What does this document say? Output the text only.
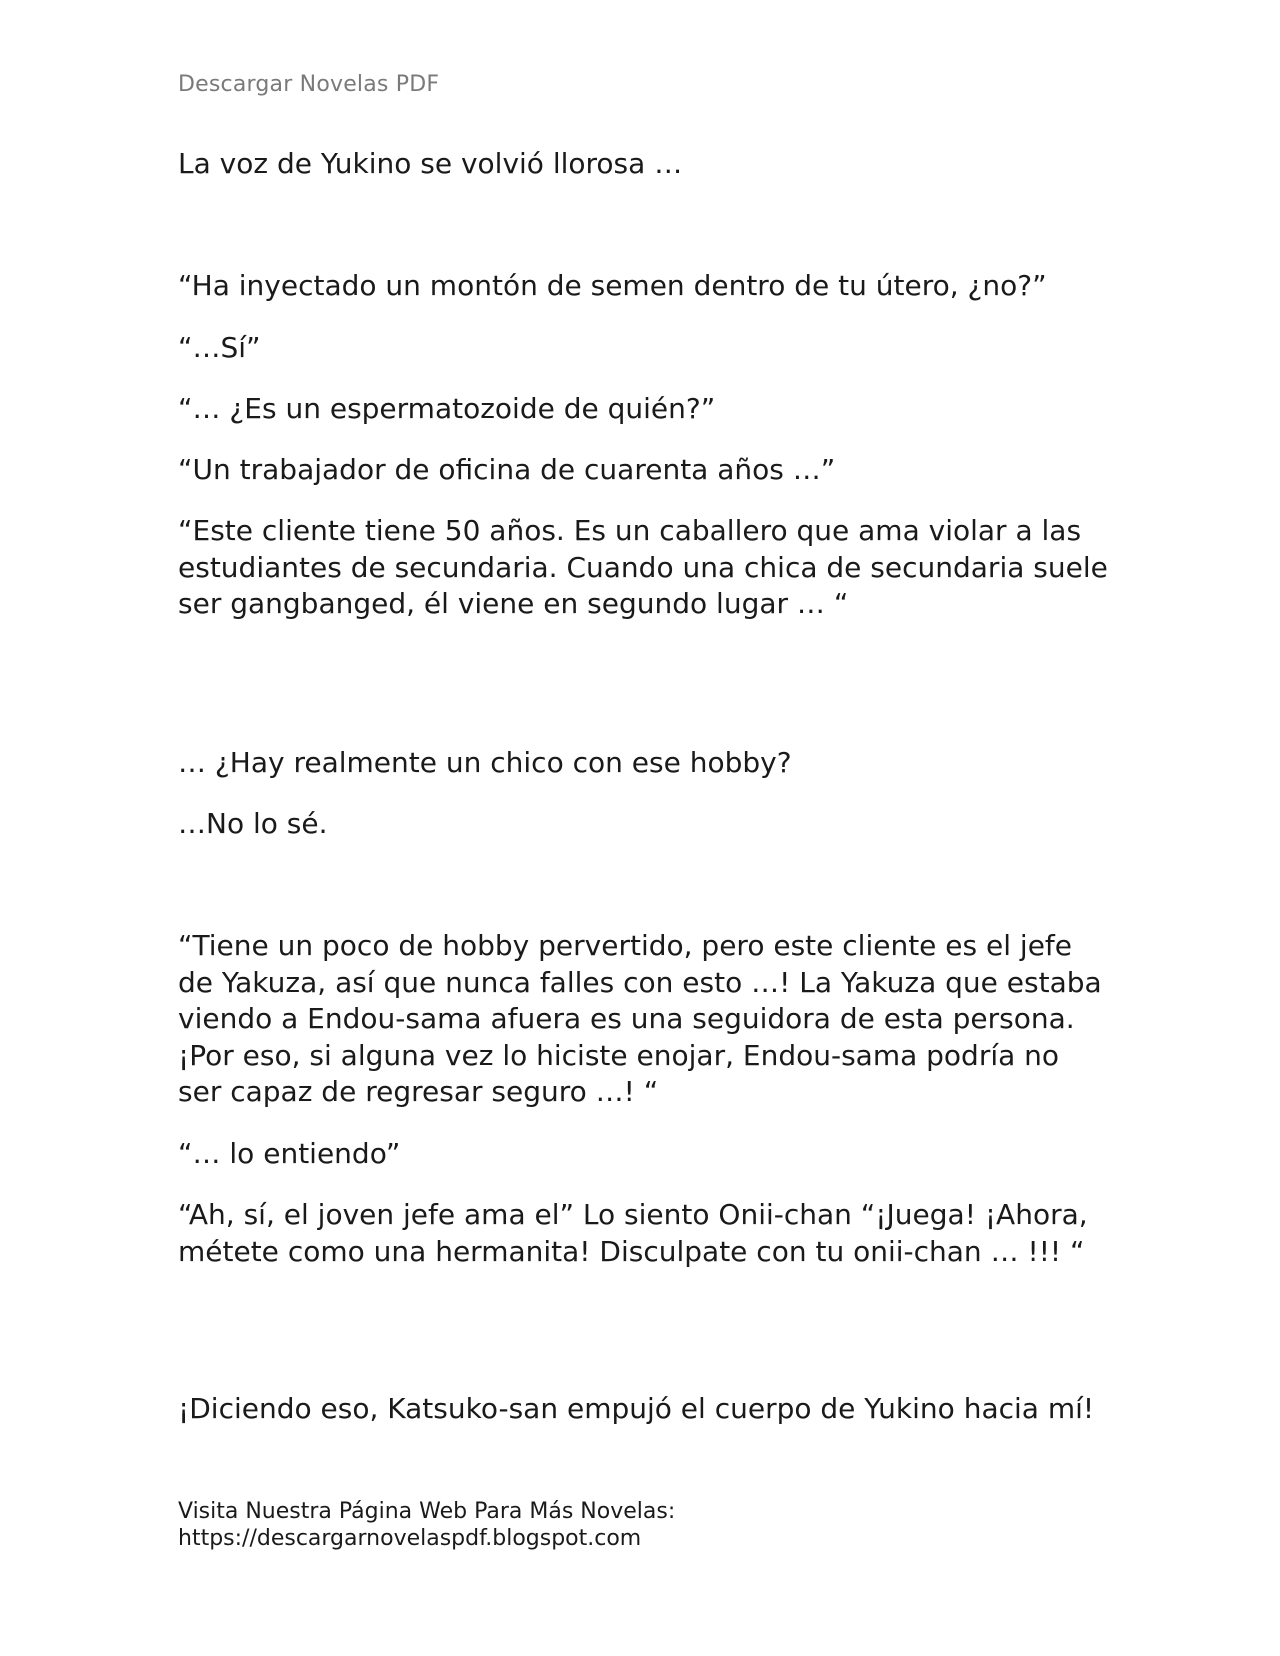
Descargar Novelas PDF

La voz de Yukino se volvió llorosa …

“Ha inyectado un montón de semen dentro de tu útero, ¿no?”

“…Sí”

“… ¿Es un espermatozoide de quién?”

“Un trabajador de oficina de cuarenta años …”

“Este cliente tiene 50 años. Es un caballero que ama violar a las estudiantes de secundaria. Cuando una chica de secundaria suele ser gangbanged, él viene en segundo lugar … “

… ¿Hay realmente un chico con ese hobby?

…No lo sé.

“Tiene un poco de hobby pervertido, pero este cliente es el jefe de Yakuza, así que nunca falles con esto …! La Yakuza que estaba viendo a Endou-sama afuera es una seguidora de esta persona. ¡Por eso, si alguna vez lo hiciste enojar, Endou-sama podría no ser capaz de regresar seguro …! “

“… lo entiendo”

“Ah, sí, el joven jefe ama el” Lo siento Onii-chan “¡Juega! ¡Ahora, métete como una hermanita! Disculpate con tu onii-chan … !!! “

¡Diciendo eso, Katsuko-san empujó el cuerpo de Yukino hacia mí!

Visita Nuestra Página Web Para Más Novelas:
https://descargarnovelaspdf.blogspot.com
